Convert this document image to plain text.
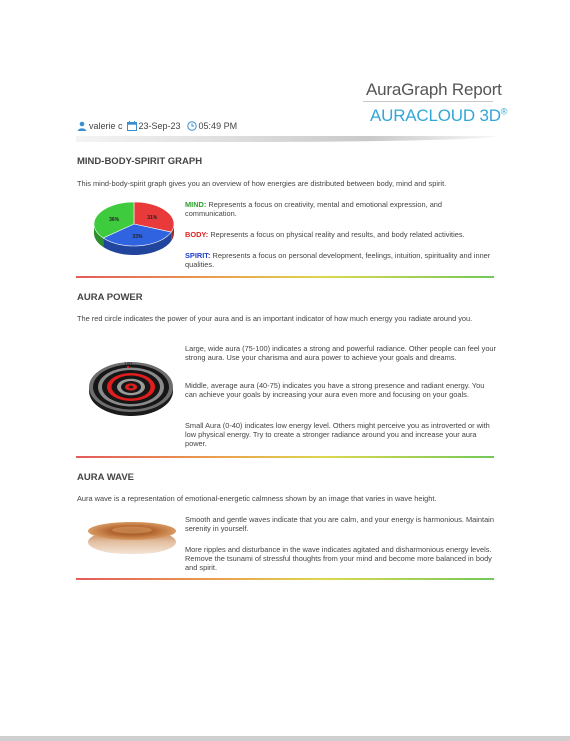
AuraGraph Report
AURACLOUD 3D®
valerie c 23-Sep-23 05:49 PM
MIND-BODY-SPIRIT GRAPH
This mind-body-spirit graph gives you an overview of how energies are distributed between body, mind and spirit.
31%
33%
36%
MIND: Represents a focus on creativity, mental and emotional expression, and communication.
BODY: Represents a focus on physical reality and results, and body related activities.
SPIRIT: Represents a focus on personal development, feelings, intuition, spirituality and inner qualities.
AURA POWER
The red circle indicates the power of your aura and is an important indicator of how much energy you radiate around you.
100
Large, wide aura (75-100) indicates a strong and powerful radiance. Other people can feel your strong aura. Use your charisma and aura power to achieve your goals and dreams.
Middle, average aura (40-75) indicates you have a strong presence and radiant energy. You can achieve your goals by increasing your aura even more and focusing on your goals.
Small Aura (0-40) indicates low energy level. Others might perceive you as introverted or with low physical energy. Try to create a stronger radiance around you and increase your aura power.
AURA WAVE
Aura wave is a representation of emotional-energetic calmness shown by an image that varies in wave height.
Smooth and gentle waves indicate that you are calm, and your energy is harmonious. Maintain serenity in yourself.
More ripples and disturbance in the wave indicates agitated and disharmonious energy levels. Remove the tsunami of stressful thoughts from your mind and become more balanced in body and spirit.
